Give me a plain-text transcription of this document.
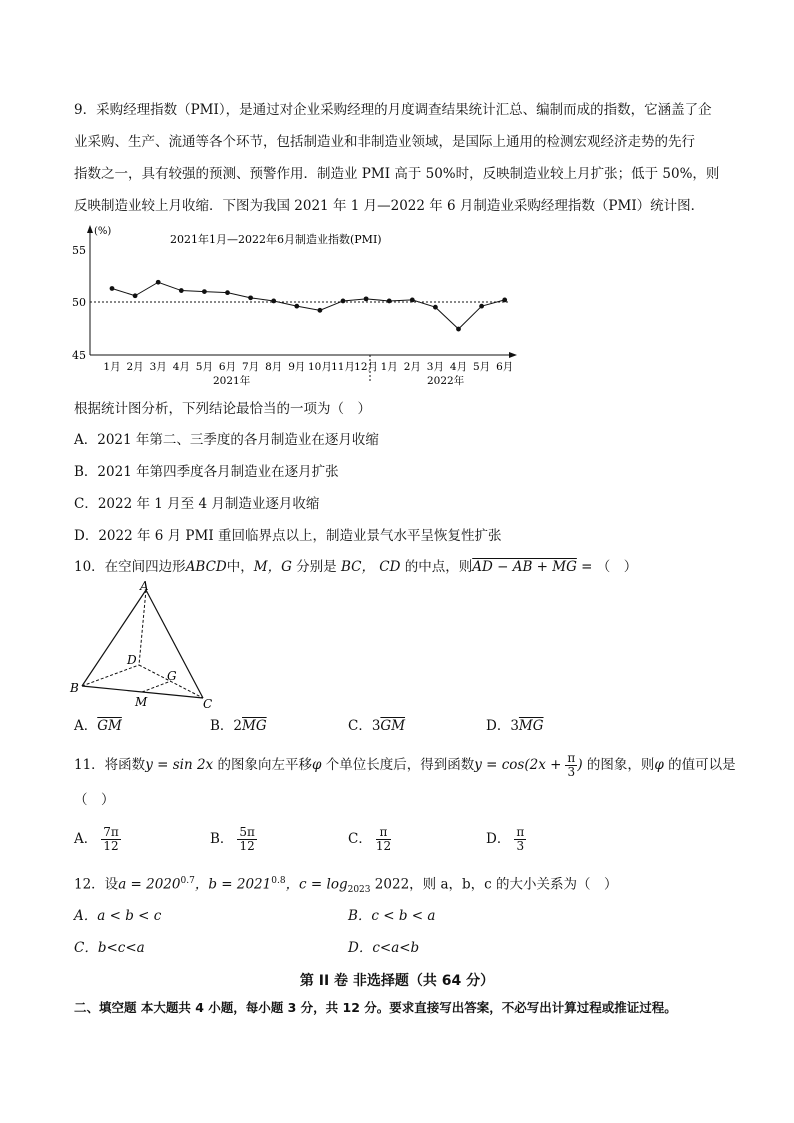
9．采购经理指数（PMI），是通过对企业采购经理的月度调查结果统计汇总、编制而成的指数，它涵盖了企
业采购、生产、流通等各个环节，包括制造业和非制造业领域，是国际上通用的检测宏观经济走势的先行
指数之一，具有较强的预测、预警作用．制造业 PMI 高于 50%时，反映制造业较上月扩张；低于 50%，则
反映制造业较上月收缩．下图为我国 2021 年 1 月—2022 年 6 月制造业采购经理指数（PMI）统计图．
(%)
2021年1月—2022年6月制造业指数(PMI)
55
50
45
2021年	2022年
1月 2月 3月 4月 5月 6月 7月 8月 9月 10月 11月 12月 1月 2月 3月 4月 5月 6月
根据统计图分析，下列结论最恰当的一项为（　）
A．2021 年第二、三季度的各月制造业在逐月收缩
B．2021 年第四季度各月制造业在逐月扩张
C．2022 年 1 月至 4 月制造业逐月收缩
D．2022 年 6 月 PMI 重回临界点以上，制造业景气水平呈恢复性扩张
10．在空间四边形ABCD中，M，G 分别是 BC， CD 的中点，则AD − AB + MG = （　）
A
B
C
D
M
G
A．$\overline{GM}$	B．$2\overline{MG}$	C．$3\overline{GM}$	D．$3\overline{MG}$
11．将函数y = sin 2x 的图象向左平移φ 个单位长度后，得到函数$y = \cos(2x + \frac{\pi}{3}$ ) 的图象，则φ 的值可以是
（　）
A． $\frac{7\pi}{12}$	B． $\frac{5\pi}{12}$	C． $\frac{\pi}{12}$	D． $\frac{\pi}{3}$
12．设$a = 2020^{0.7}$，$b = 2021^{0.8}$，$c = \log_{2023} 2022$，则 a，b，c 的大小关系为（　）
A．a < b < c	B．c < b < a
C．b<c<a	D．c<a<b
第 II 卷 非选择题（共 64 分）
二、填空题 本大题共 4 小题，每小题 3 分，共 12 分。要求直接写出答案，不必写出计算过程或推证过程。
